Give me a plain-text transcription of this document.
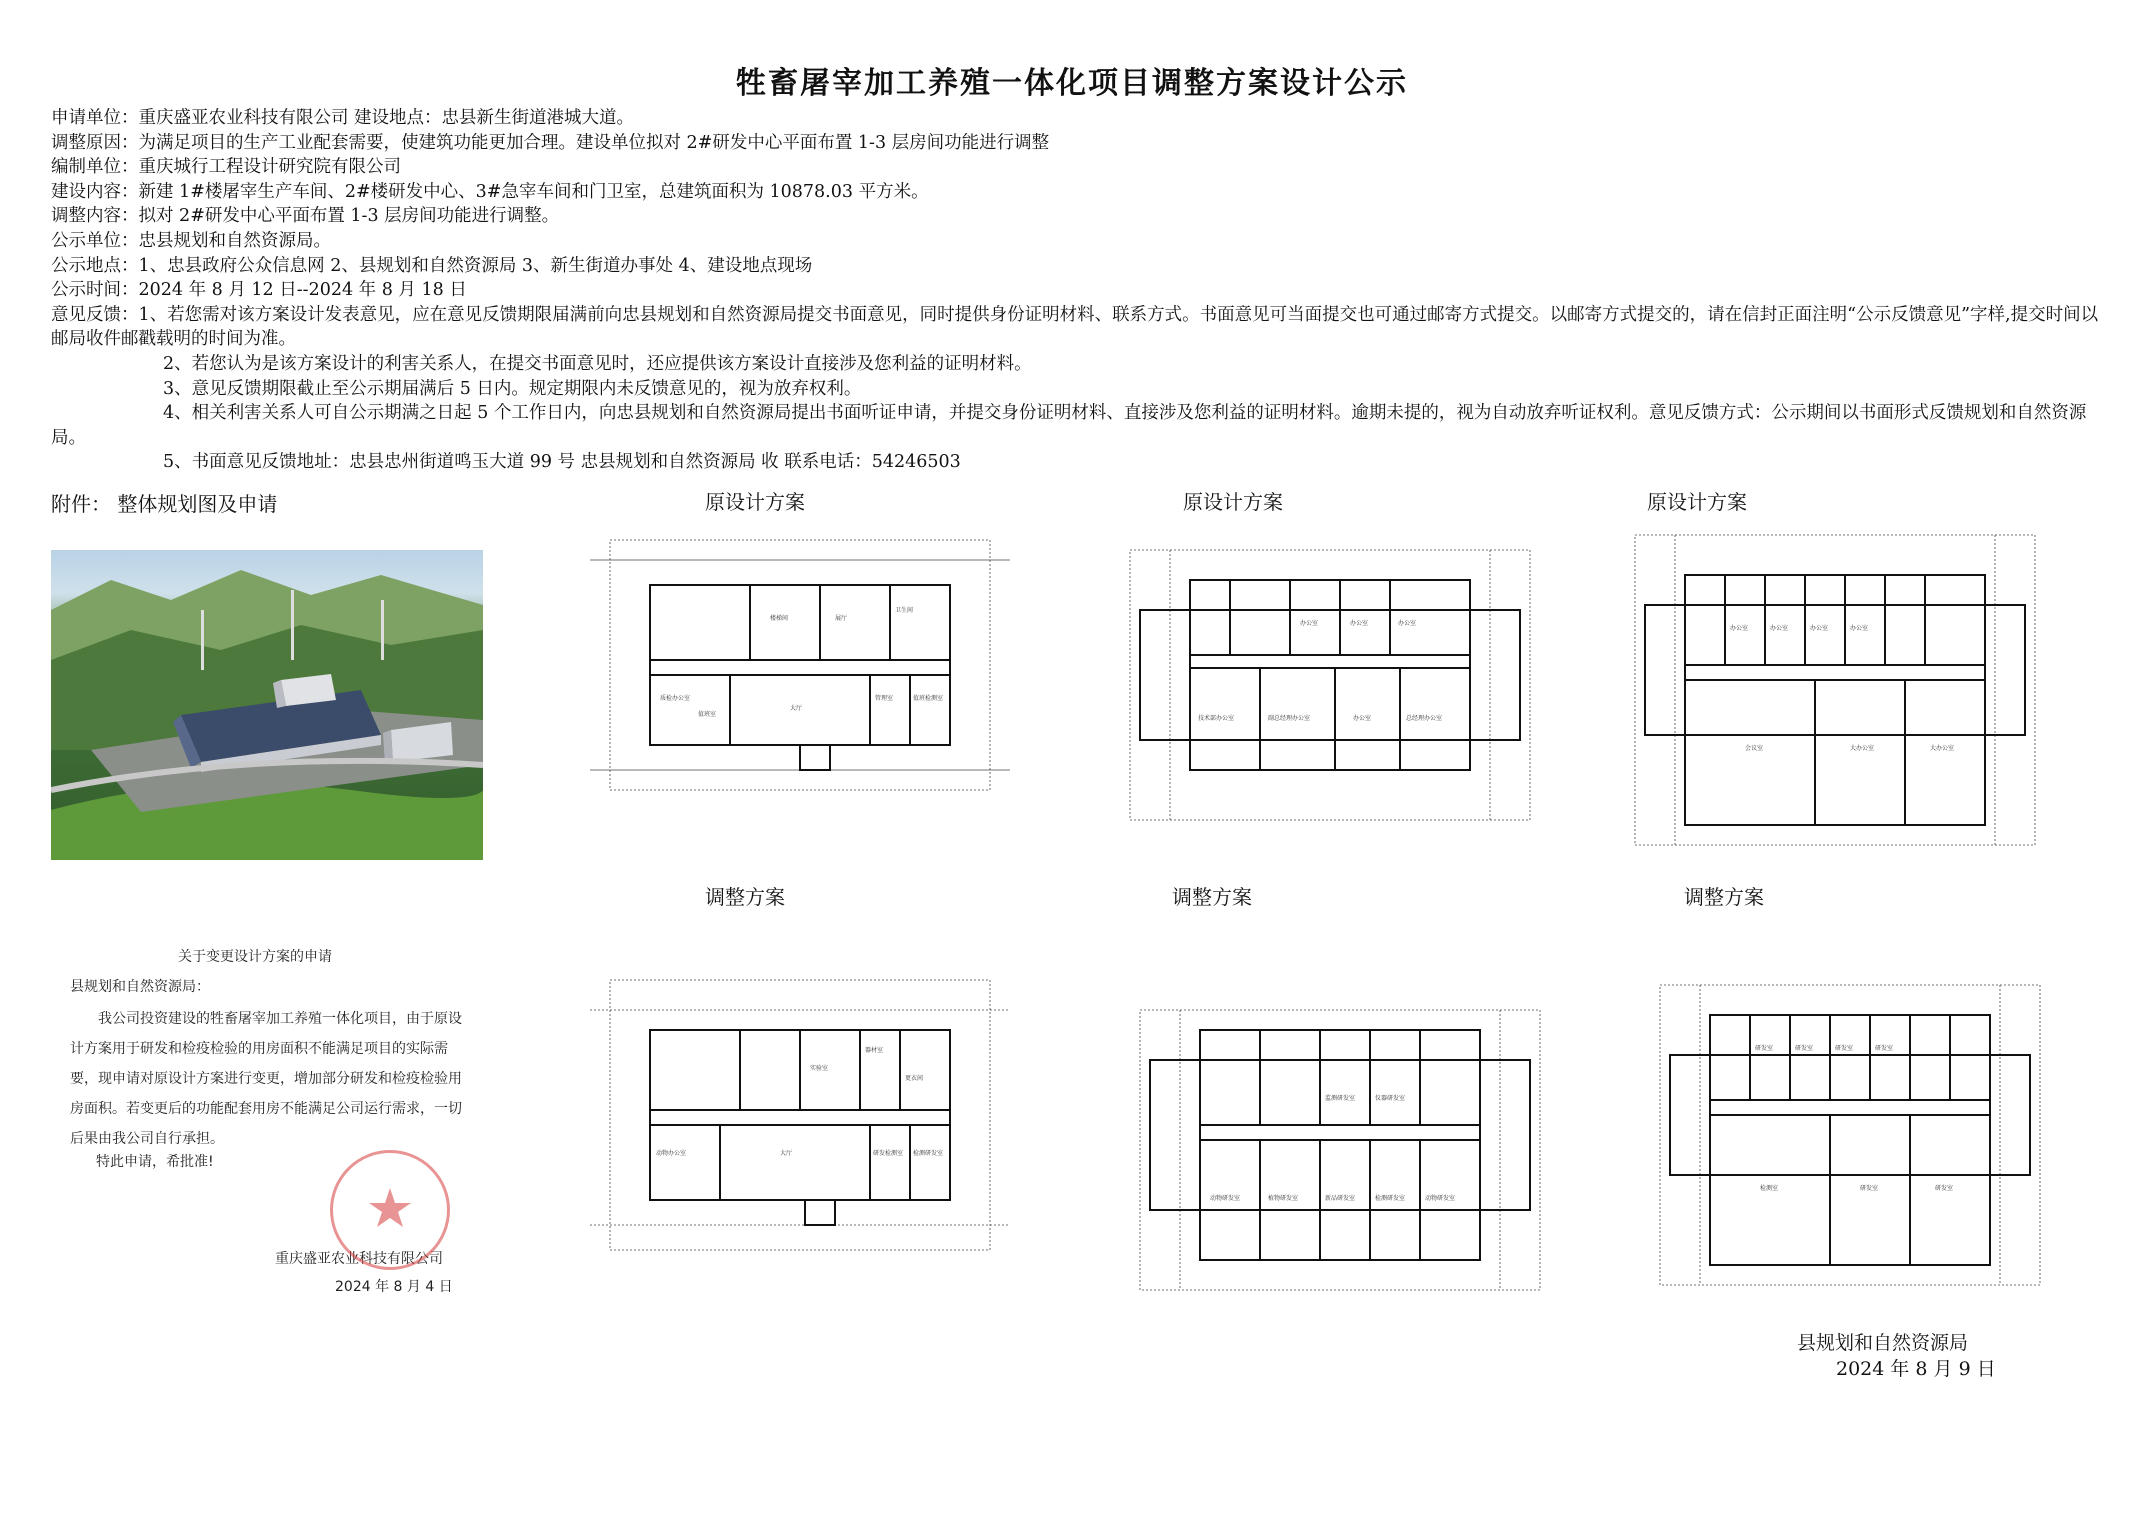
牲畜屠宰加工养殖一体化项目调整方案设计公示
申请单位：重庆盛亚农业科技有限公司 建设地点：忠县新生街道港城大道。
调整原因：为满足项目的生产工业配套需要，使建筑功能更加合理。建设单位拟对 2#研发中心平面布置 1-3 层房间功能进行调整
编制单位：重庆城行工程设计研究院有限公司
建设内容：新建 1#楼屠宰生产车间、2#楼研发中心、3#急宰车间和门卫室，总建筑面积为 10878.03 平方米。
调整内容：拟对 2#研发中心平面布置 1-3 层房间功能进行调整。
公示单位：忠县规划和自然资源局。
公示地点：1、忠县政府公众信息网 2、县规划和自然资源局 3、新生街道办事处 4、建设地点现场
公示时间：2024 年 8 月 12 日--2024 年 8 月 18 日
意见反馈：1、若您需对该方案设计发表意见，应在意见反馈期限届满前向忠县规划和自然资源局提交书面意见，同时提供身份证明材料、联系方式。书面意见可当面提交也可通过邮寄方式提交。以邮寄方式提交的，请在信封正面注明“公示反馈意见”字样,提交时间以邮局收件邮戳载明的时间为准。
2、若您认为是该方案设计的利害关系人，在提交书面意见时，还应提供该方案设计直接涉及您利益的证明材料。
3、意见反馈期限截止至公示期届满后 5 日内。规定期限内未反馈意见的，视为放弃权利。
4、相关利害关系人可自公示期满之日起 5 个工作日内，向忠县规划和自然资源局提出书面听证申请，并提交身份证明材料、直接涉及您利益的证明材料。逾期未提的，视为自动放弃听证权利。意见反馈方式：公示期间以书面形式反馈规划和自然资源局。
5、书面意见反馈地址：忠县忠州街道鸣玉大道 99 号 忠县规划和自然资源局 收 联系电话：54246503
附件： 整体规划图及申请	原设计方案	原设计方案	原设计方案
调整方案	调整方案	调整方案
楼梯间
卫生间
展厅
质检办公室
值班室
大厅
管理室	值班检测室
办公室	办公室	办公室
技术部办公室	副总经理办公室	办公室	总经理办公室
办公室	办公室	办公室	办公室
会议室	大办公室	大办公室
器材室
实验室
更衣间
动物办公室	大厅	研发检测室 检测研发室
监测研发室	仪器研发室
动物研发室	植物研发室	新品研发室	检测研发室	动物研发室
研发室	研发室	研发室	研发室
检测室	研发室	研发室
关于变更设计方案的申请
县规划和自然资源局：
我公司投资建设的牲畜屠宰加工养殖一体化项目，由于原设计方案用于研发和检疫检验的用房面积不能满足项目的实际需要，现申请对原设计方案进行变更，增加部分研发和检疫检验用房面积。若变更后的功能配套用房不能满足公司运行需求，一切后果由我公司自行承担。
特此申请，希批准!
重庆盛亚农业科技有限公司
2024 年 8 月 4 日
县规划和自然资源局
2024 年 8 月 9 日
